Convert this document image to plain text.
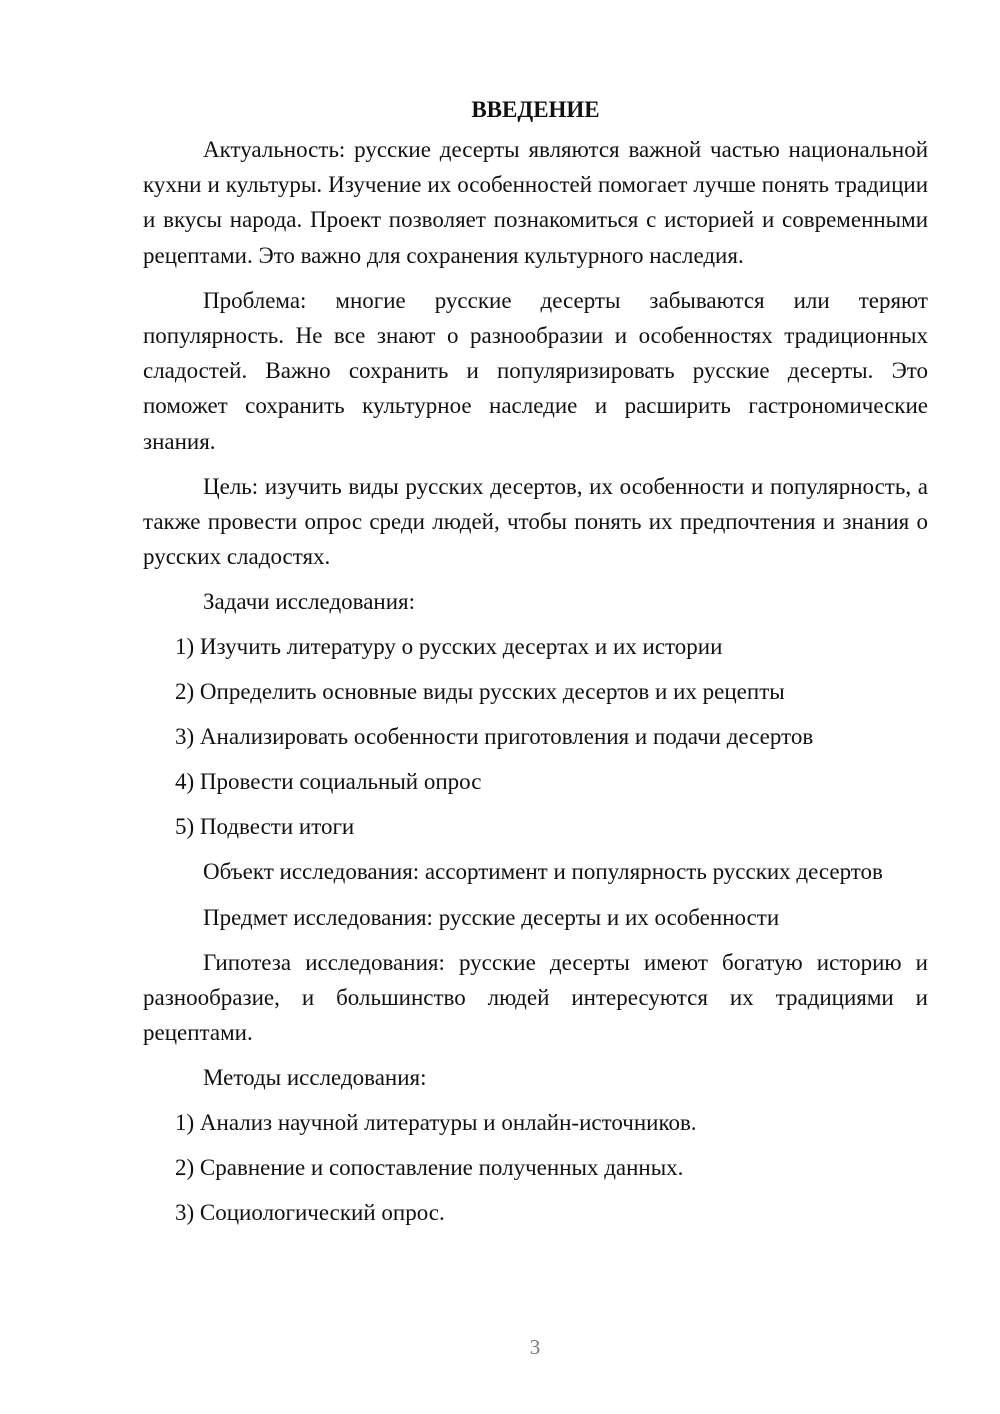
ВВЕДЕНИЕ

Актуальность: русские десерты являются важной частью национальной кухни и культуры. Изучение их особенностей помогает лучше понять традиции и вкусы народа. Проект позволяет познакомиться с историей и современными рецептами. Это важно для сохранения культурного наследия.

Проблема: многие русские десерты забываются или теряют популярность. Не все знают о разнообразии и особенностях традиционных сладостей. Важно сохранить и популяризировать русские десерты. Это поможет сохранить культурное наследие и расширить гастрономические знания.

Цель: изучить виды русских десертов, их особенности и популярность, а также провести опрос среди людей, чтобы понять их предпочтения и знания о русских сладостях.

Задачи исследования:
1) Изучить литературу о русских десертах и их истории
2) Определить основные виды русских десертов и их рецепты
3) Анализировать особенности приготовления и подачи десертов
4) Провести социальный опрос
5) Подвести итоги

Объект исследования: ассортимент и популярность русских десертов

Предмет исследования: русские десерты и их особенности

Гипотеза исследования: русские десерты имеют богатую историю и разнообразие, и большинство людей интересуются их традициями и рецептами.

Методы исследования:
1) Анализ научной литературы и онлайн-источников.
2) Сравнение и сопоставление полученных данных.
3) Социологический опрос.
3
